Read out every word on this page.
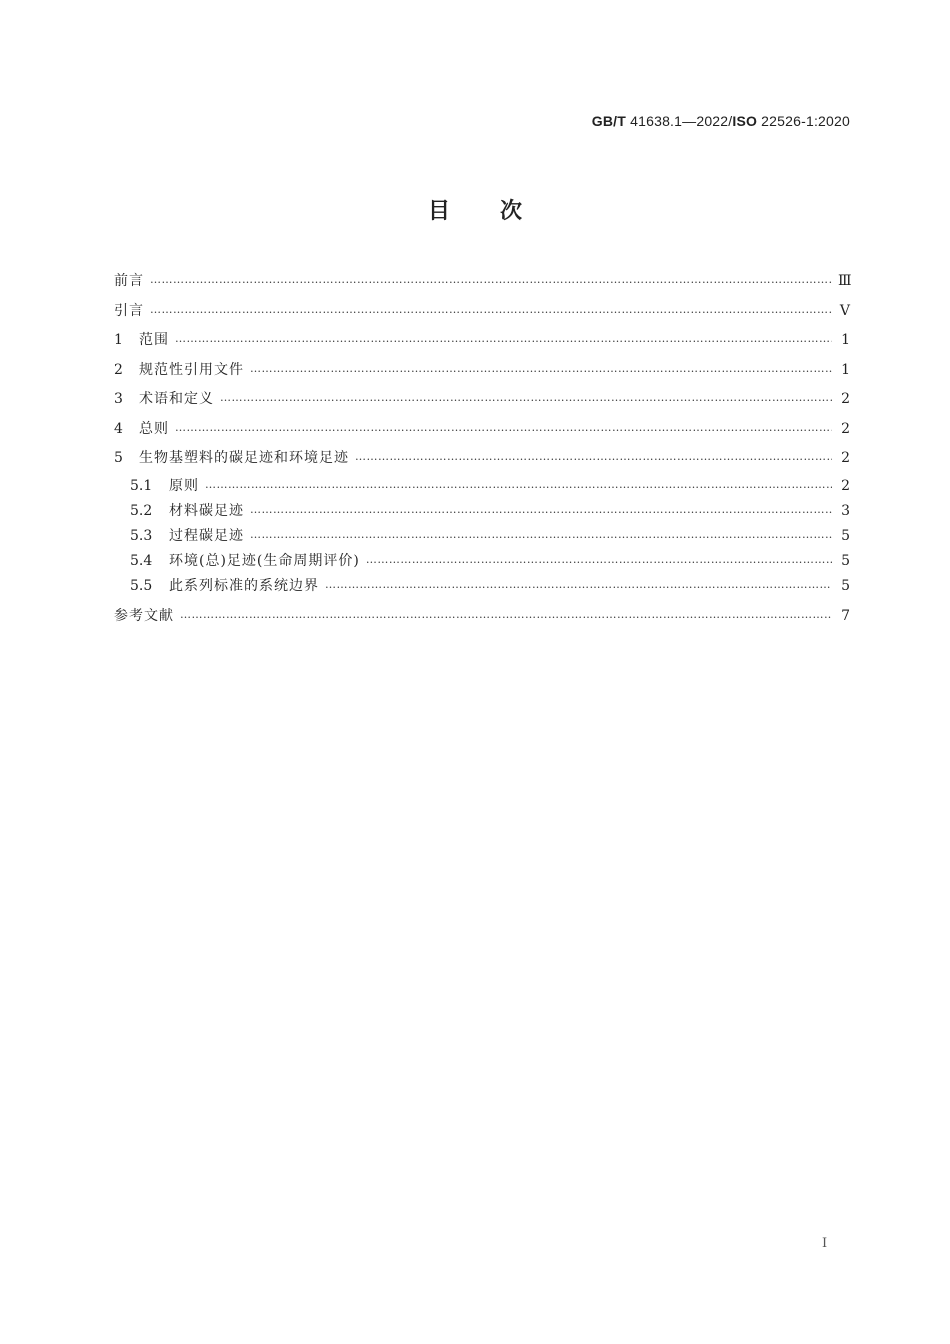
GB/T 41638.1—2022/ISO 22526-1:2020
目次
前言 …………………………………………………………………………………………………………………………………………………………………………………………………………………………………………	Ⅲ
引言 …………………………………………………………………………………………………………………………………………………………………………………………………………………………………………	Ⅴ
1	范围 …………………………………………………………………………………………………………………………………………………………………………………………………………………………………………	1
2	规范性引用文件 …………………………………………………………………………………………………………………………………………………………………………………………………………………………………………	1
3	术语和定义 …………………………………………………………………………………………………………………………………………………………………………………………………………………………………………	2
4	总则 …………………………………………………………………………………………………………………………………………………………………………………………………………………………………………	2
5	生物基塑料的碳足迹和环境足迹 …………………………………………………………………………………………………………………………………………………………………………………………………………………………………………	2
5.1	原则 …………………………………………………………………………………………………………………………………………………………………………………………………………………………………………	2
5.2	材料碳足迹 …………………………………………………………………………………………………………………………………………………………………………………………………………………………………………	3
5.3	过程碳足迹 …………………………………………………………………………………………………………………………………………………………………………………………………………………………………………	5
5.4	环境(总)足迹(生命周期评价) …………………………………………………………………………………………………………………………………………………………………………………………………………………………………………	5
5.5	此系列标准的系统边界 …………………………………………………………………………………………………………………………………………………………………………………………………………………………………………	5
参考文献 …………………………………………………………………………………………………………………………………………………………………………………………………………………………………………	7
I
